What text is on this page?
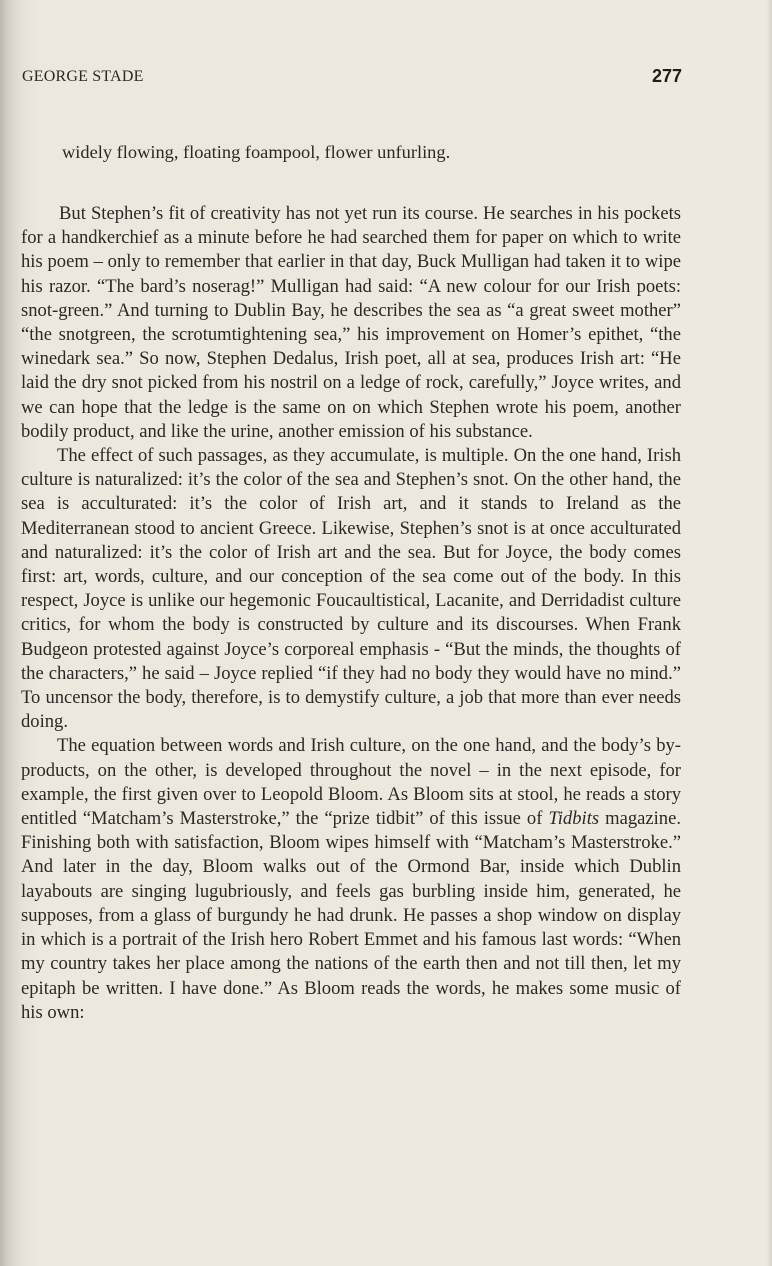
GEORGE STADE	277
widely flowing, floating foampool, flower unfurling.

But Stephen’s fit of creativity has not yet run its course. He searches in his pockets for a handkerchief as a minute before he had searched them for paper on which to write his poem – only to remember that earlier in that day, Buck Mulligan had taken it to wipe his razor. “The bard’s noserag!” Mulligan had said: “A new colour for our Irish poets: snot-green.” And turning to Dublin Bay, he describes the sea as “a great sweet mother” “the snotgreen, the scrotumtightening sea,” his improvement on Homer’s epithet, “the winedark sea.” So now, Stephen Dedalus, Irish poet, all at sea, produces Irish art: “He laid the dry snot picked from his nostril on a ledge of rock, carefully,” Joyce writes, and we can hope that the ledge is the same on on which Stephen wrote his poem, another bodily product, and like the urine, another emission of his substance.

The effect of such passages, as they accumulate, is multiple. On the one hand, Irish culture is naturalized: it’s the color of the sea and Stephen’s snot. On the other hand, the sea is acculturated: it’s the color of Irish art, and it stands to Ireland as the Mediterranean stood to ancient Greece. Likewise, Stephen’s snot is at once acculturated and naturalized: it’s the color of Irish art and the sea. But for Joyce, the body comes first: art, words, culture, and our conception of the sea come out of the body. In this respect, Joyce is unlike our hegemonic Foucaultistical, Lacanite, and Derridadist culture critics, for whom the body is constructed by culture and its discourses. When Frank Budgeon protested against Joyce’s corporeal emphasis - “But the minds, the thoughts of the characters,” he said – Joyce replied “if they had no body they would have no mind.” To uncensor the body, therefore, is to demystify culture, a job that more than ever needs doing.

The equation between words and Irish culture, on the one hand, and the body’s by-products, on the other, is developed throughout the novel – in the next episode, for example, the first given over to Leopold Bloom. As Bloom sits at stool, he reads a story entitled “Matcham’s Masterstroke,” the “prize tidbit” of this issue of Tidbits magazine. Finishing both with satisfaction, Bloom wipes himself with “Matcham’s Masterstroke.” And later in the day, Bloom walks out of the Ormond Bar, inside which Dublin layabouts are singing lugubriously, and feels gas burbling inside him, generated, he supposes, from a glass of burgundy he had drunk. He passes a shop window on display in which is a portrait of the Irish hero Robert Emmet and his famous last words: “When my country takes her place among the nations of the earth then and not till then, let my epitaph be written. I have done.” As Bloom reads the words, he makes some music of his own:
